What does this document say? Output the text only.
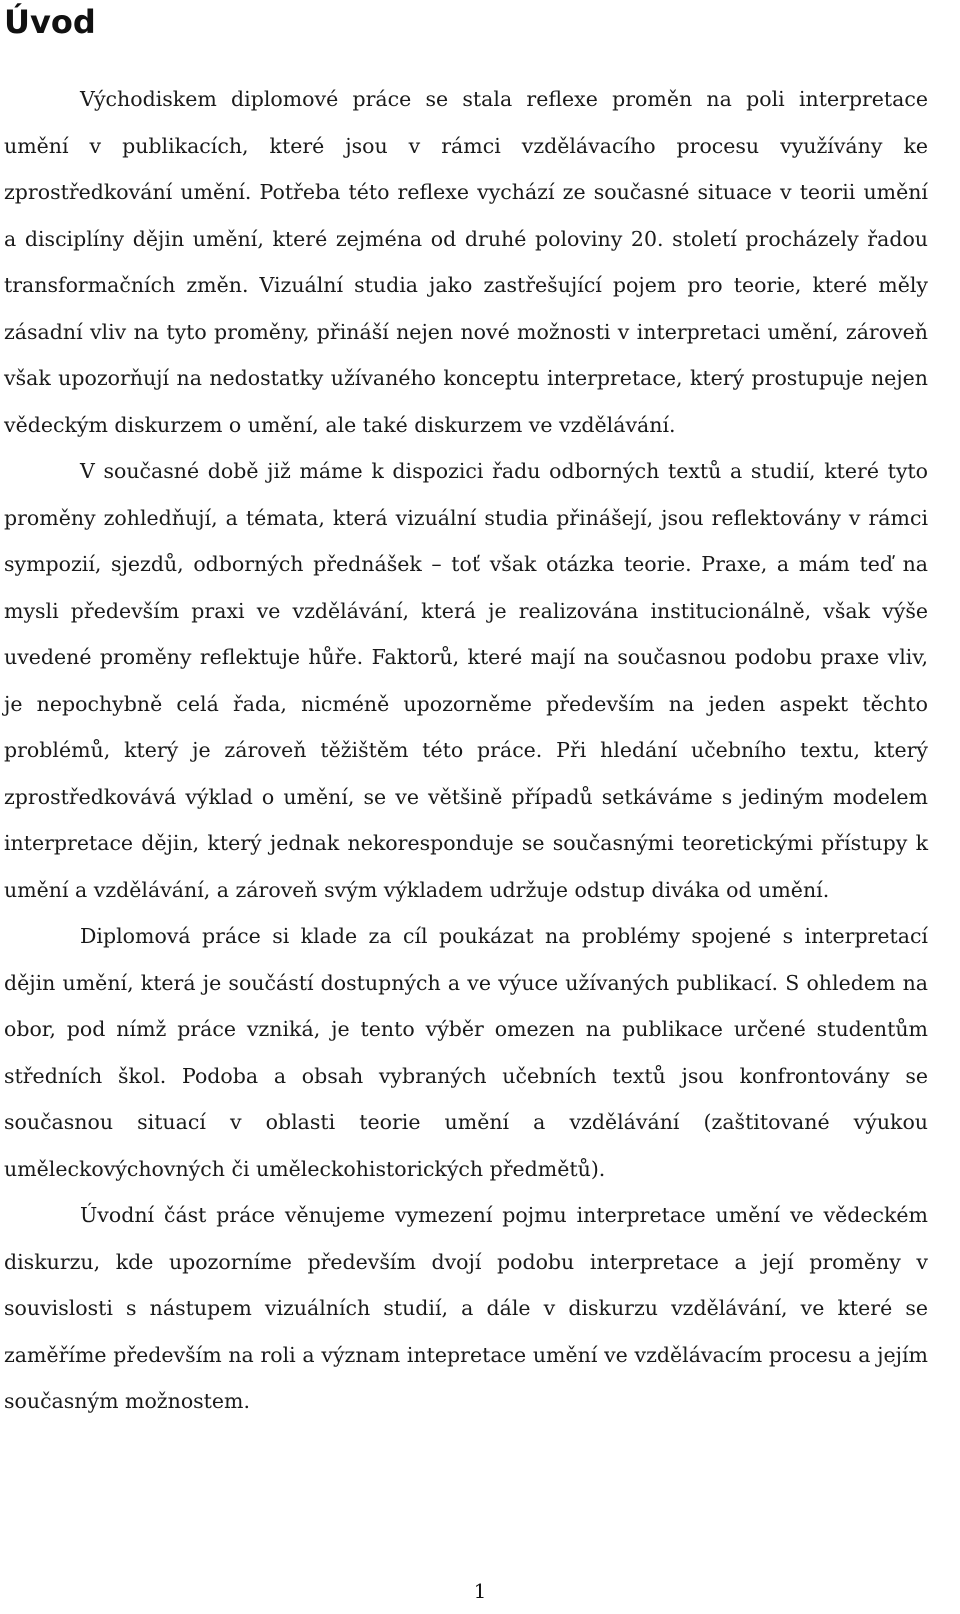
Úvod

Východiskem diplomové práce se stala reflexe proměn na poli interpretace umění v publikacích, které jsou v rámci vzdělávacího procesu využívány ke zprostředkování umění. Potřeba této reflexe vychází ze současné situace v teorii umění a disciplíny dějin umění, které zejména od druhé poloviny 20. století procházely řadou transformačních změn. Vizuální studia jako zastřešující pojem pro teorie, které měly zásadní vliv na tyto proměny, přináší nejen nové možnosti v interpretaci umění, zároveň však upozorňují na nedostatky užívaného konceptu interpretace, který prostupuje nejen vědeckým diskurzem o umění, ale také diskurzem ve vzdělávání.

V současné době již máme k dispozici řadu odborných textů a studií, které tyto proměny zohledňují, a témata, která vizuální studia přinášejí, jsou reflektovány v rámci sympozií, sjezdů, odborných přednášek – toť však otázka teorie. Praxe, a mám teď na mysli především praxi ve vzdělávání, která je realizována institucionálně, však výše uvedené proměny reflektuje hůře. Faktorů, které mají na současnou podobu praxe vliv, je nepochybně celá řada, nicméně upozorněme především na jeden aspekt těchto problémů, který je zároveň těžištěm této práce. Při hledání učebního textu, který zprostředkovává výklad o umění, se ve většině případů setkáváme s jediným modelem interpretace dějin, který jednak nekoresponduje se současnými teoretickými přístupy k umění a vzdělávání, a zároveň svým výkladem udržuje odstup diváka od umění.

Diplomová práce si klade za cíl poukázat na problémy spojené s interpretací dějin umění, která je součástí dostupných a ve výuce užívaných publikací. S ohledem na obor, pod nímž práce vzniká, je tento výběr omezen na publikace určené studentům středních škol. Podoba a obsah vybraných učebních textů jsou konfrontovány se současnou situací v oblasti teorie umění a vzdělávání (zaštitované výukou uměleckovýchovných či uměleckohistorických předmětů).

Úvodní část práce věnujeme vymezení pojmu interpretace umění ve vědeckém diskurzu, kde upozorníme především dvojí podobu interpretace a její proměny v souvislosti s nástupem vizuálních studií, a dále v diskurzu vzdělávání, ve které se zaměříme především na roli a význam intepretace umění ve vzdělávacím procesu a jejím současným možnostem.

1
